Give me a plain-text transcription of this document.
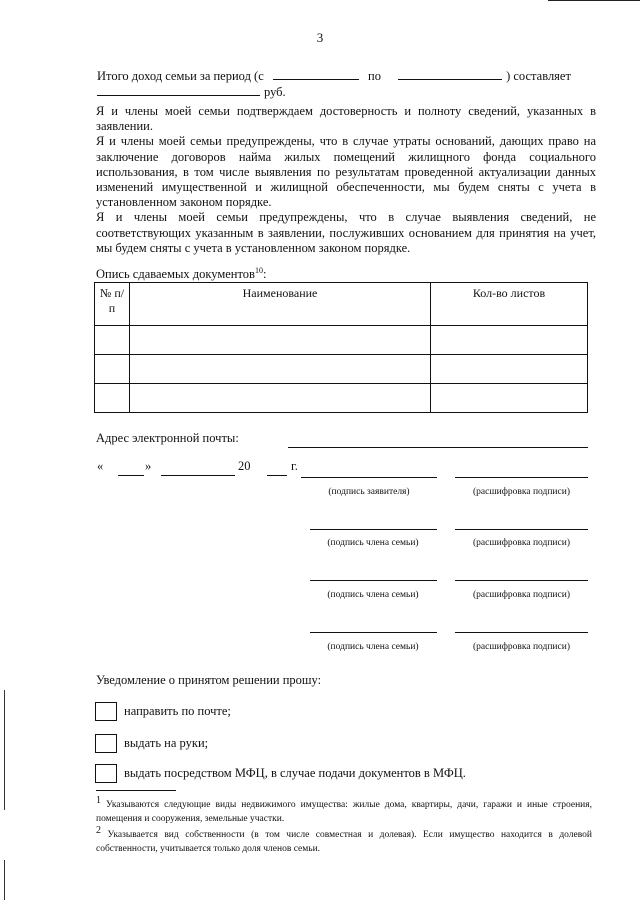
3
Итого доход семьи за период (с	по	) составляет
руб.

Я и члены моей семьи подтверждаем достоверность и полноту сведений, указанных в заявлении.

Я и члены моей семьи предупреждены, что в случае утраты оснований, дающих право на заключение договоров найма жилых помещений жилищного фонда социального использования, в том числе выявления по результатам проведенной актуализации данных изменений имущественной и жилищной обеспеченности, мы будем сняты с учета в установленном законом порядке.

Я и члены моей семьи предупреждены, что в случае выявления сведений, не соответствующих указанным в заявлении, послуживших основанием для принятия на учет, мы будем сняты с учета в установленном законом порядке.

Опись сдаваемых документов$^{10}$:
№ п/п	Наименование	Кол-во листов

Адрес электронной почты:
«	»	20	г.
(подпись заявителя)	(расшифровка подписи)
(подпись члена семьи)	(расшифровка подписи)
(подпись члена семьи)	(расшифровка подписи)
(подпись члена семьи)	(расшифровка подписи)
Уведомление о принятом решении прошу:
направить по почте;
выдать на руки;
выдать посредством МФЦ, в случае подачи документов в МФЦ.
$^1$ Указываются следующие виды недвижимого имущества: жилые дома, квартиры, дачи, гаражи и иные строения, помещения и сооружения, земельные участки.
$^2$ Указывается вид собственности (в том числе совместная и долевая). Если имущество находится в долевой собственности, учитывается только доля членов семьи.
